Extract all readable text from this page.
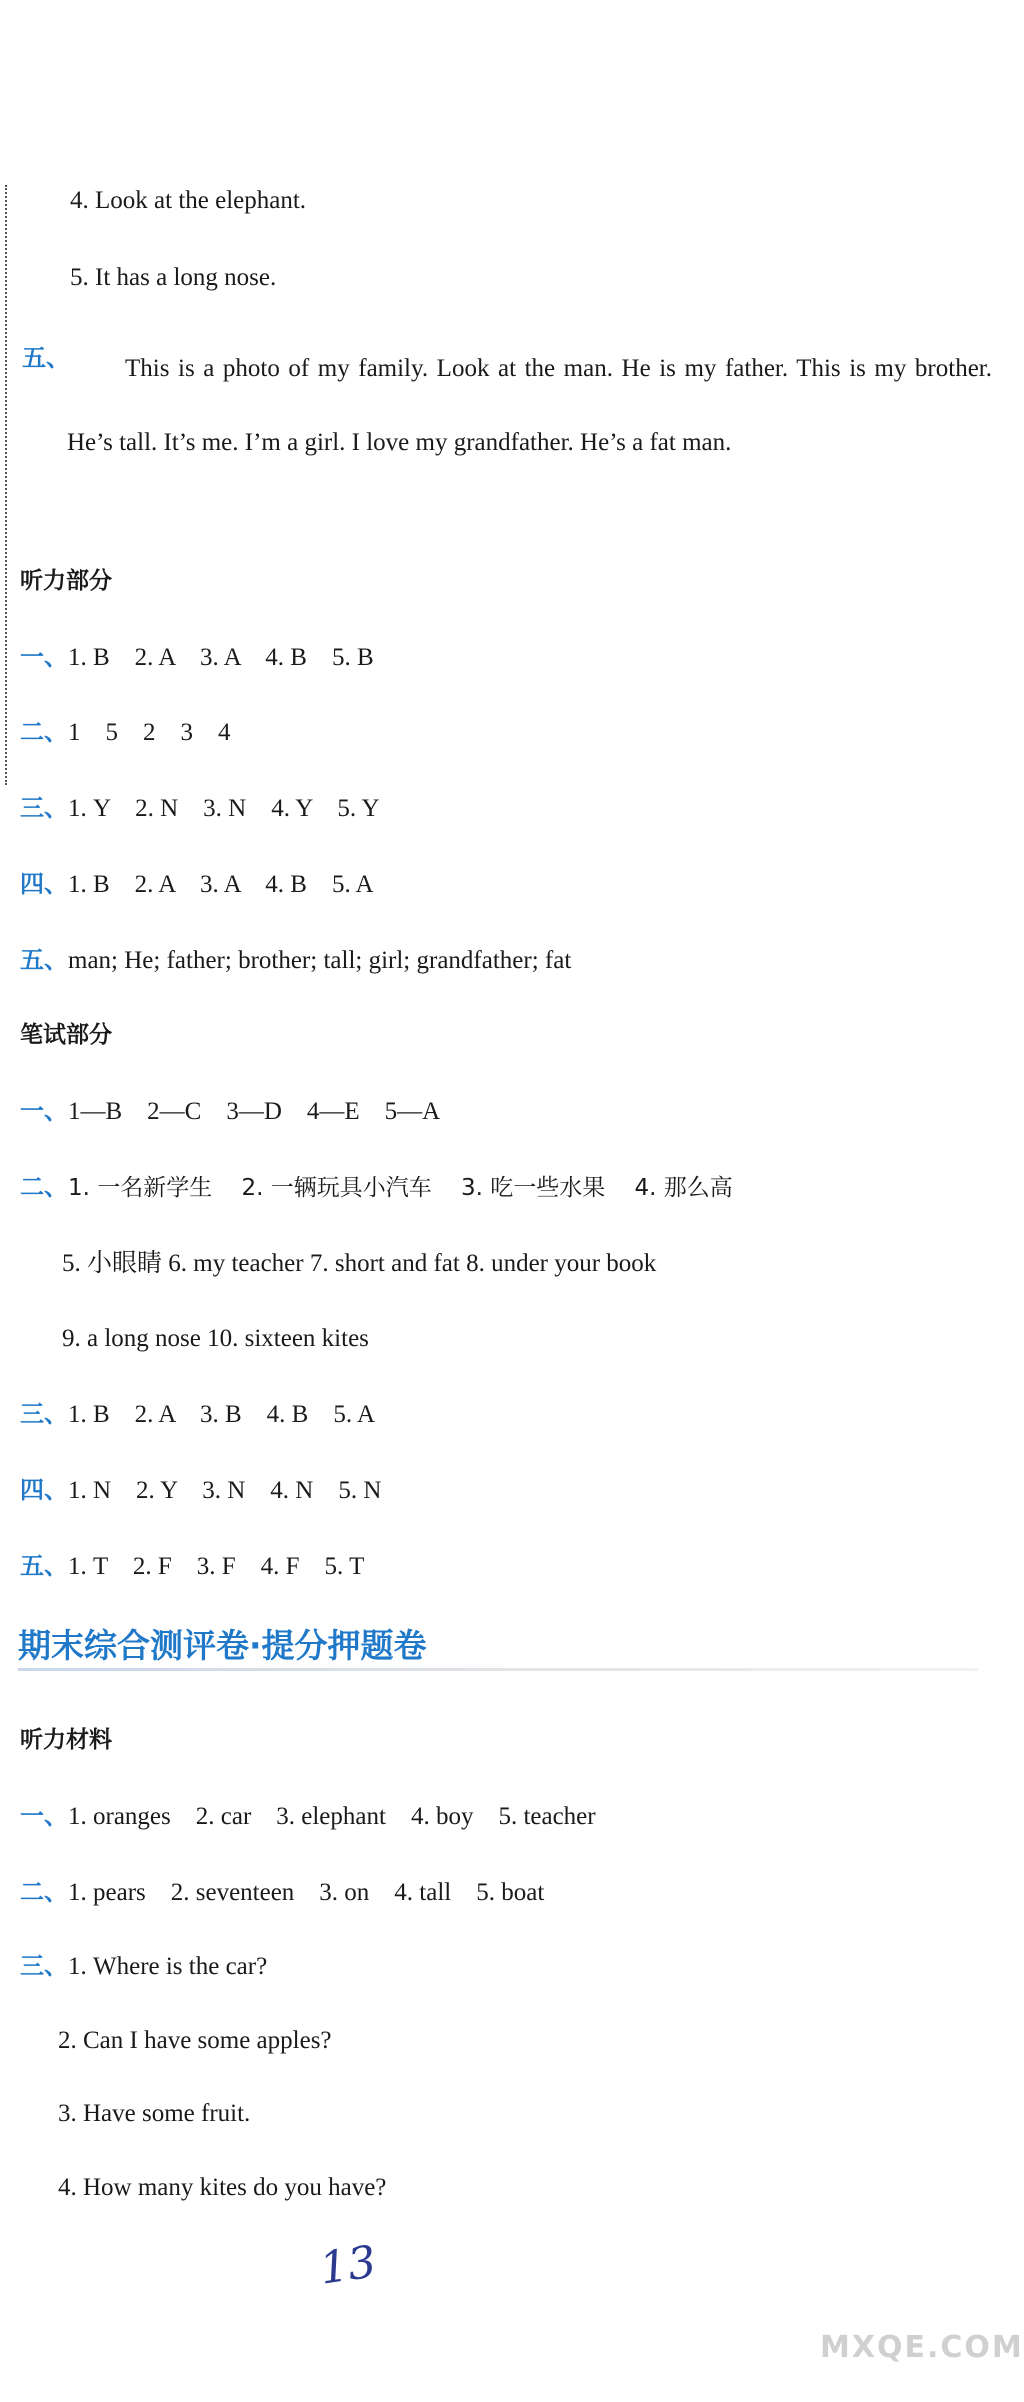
4. Look at the elephant.
5. It has a long nose.
五、	This is a photo of my family. Look at the man. He is my father. This is my brother. He’s tall. It’s me. I’m a girl. I love my grandfather. He’s a fat man.
听力部分
一、1. B    2. A    3. A    4. B    5. B
二、1    5    2    3    4
三、1. Y    2. N    3. N    4. Y    5. Y
四、1. B    2. A    3. A    4. B    5. A
五、man; He; father; brother; tall; girl; grandfather; fat
笔试部分
一、1—B    2—C    3—D    4—E    5—A
二、1. 一名新学生    2. 一辆玩具小汽车    3. 吃一些水果    4. 那么高
5. 小眼睛 6. my teacher 7. short and fat 8. under your book
9. a long nose 10. sixteen kites
三、1. B    2. A    3. B    4. B    5. A
四、1. N    2. Y    3. N    4. N    5. N
五、1. T    2. F    3. F    4. F    5. T
期末综合测评卷·提分押题卷
听力材料
一、1. oranges    2. car    3. elephant    4. boy    5. teacher
二、1. pears    2. seventeen    3. on    4. tall    5. boat
三、1. Where is the car?
2. Can I have some apples?
3. Have some fruit.
4. How many kites do you have?
13
MXQE.COM
